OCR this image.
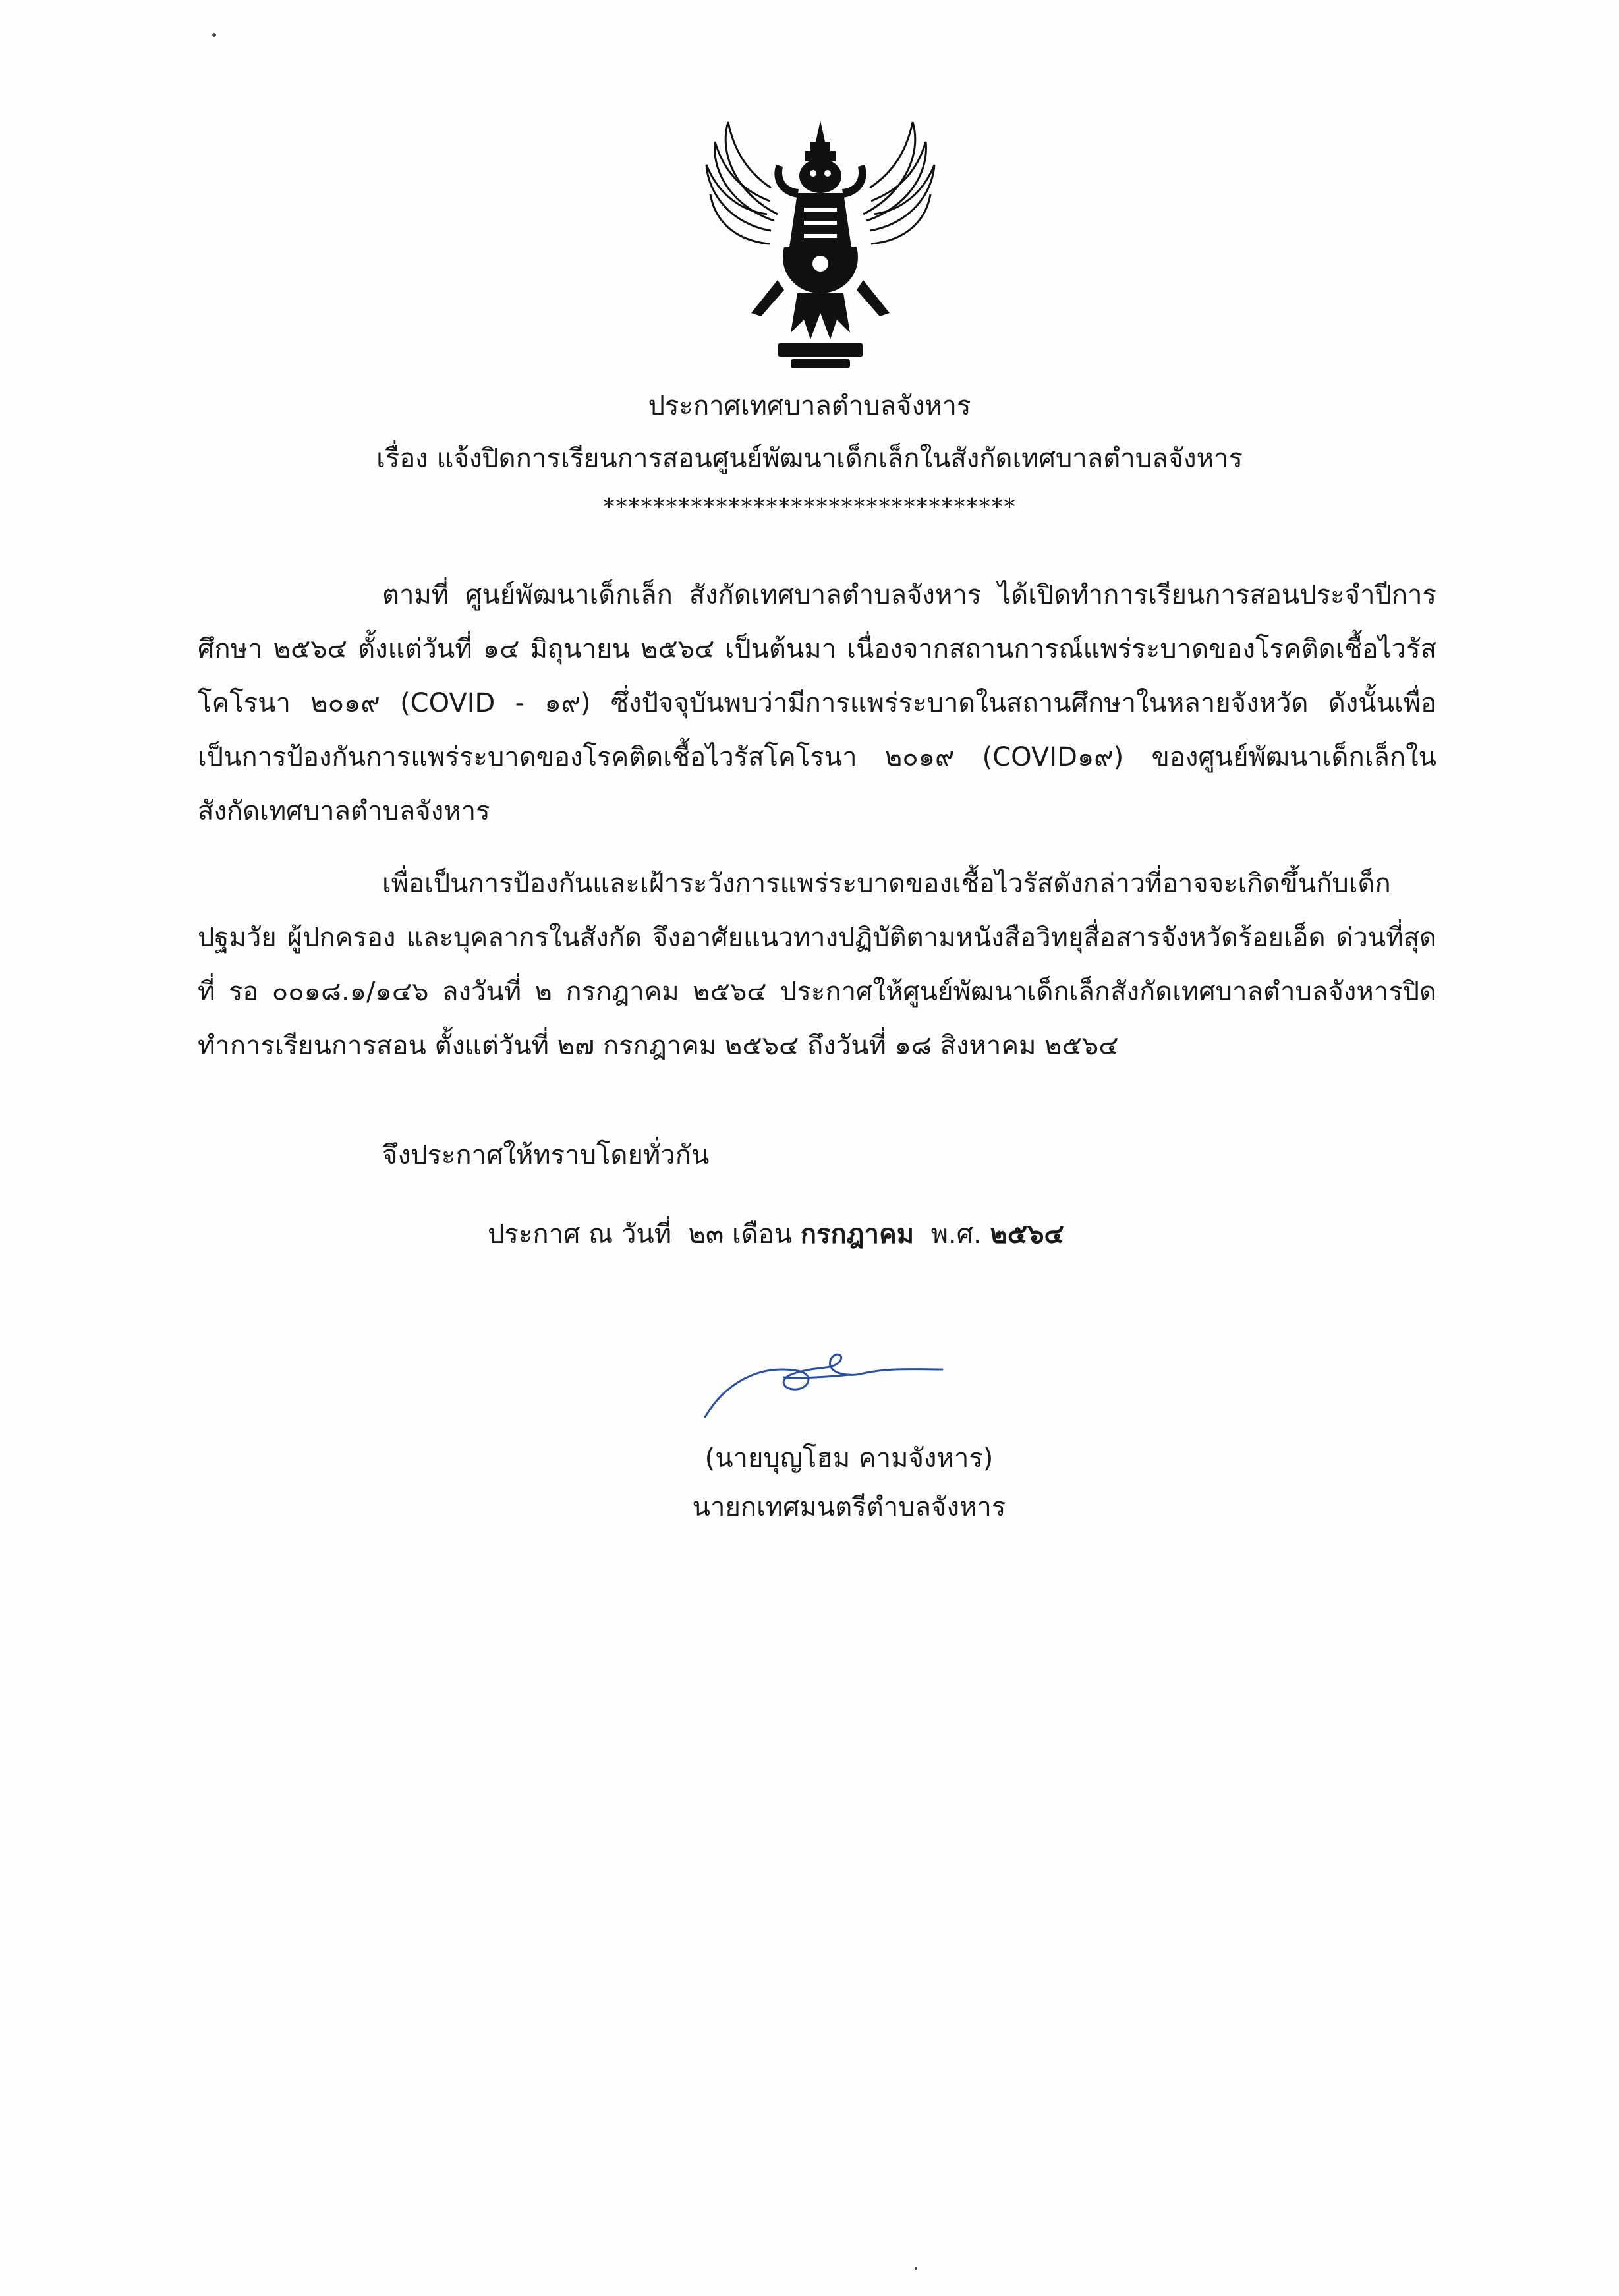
ประกาศเทศบาลตำบลจังหาร
เรื่อง แจ้งปิดการเรียนการสอนศูนย์พัฒนาเด็กเล็กในสังกัดเทศบาลตำบลจังหาร
*********************************
ตามที่ ศูนย์พัฒนาเด็กเล็ก สังกัดเทศบาลตำบลจังหาร ได้เปิดทำการเรียนการสอนประจำปีการศึกษา ๒๕๖๔ ตั้งแต่วันที่ ๑๔ มิถุนายน ๒๕๖๔ เป็นต้นมา เนื่องจากสถานการณ์แพร่ระบาดของโรคติดเชื้อไวรัสโคโรนา ๒๐๑๙ (COVID - ๑๙) ซึ่งปัจจุบันพบว่ามีการแพร่ระบาดในสถานศึกษาในหลายจังหวัด ดังนั้นเพื่อเป็นการป้องกันการแพร่ระบาดของโรคติดเชื้อไวรัสโคโรนา ๒๐๑๙ (COVID๑๙) ของศูนย์พัฒนาเด็กเล็กในสังกัดเทศบาลตำบลจังหาร
เพื่อเป็นการป้องกันและเฝ้าระวังการแพร่ระบาดของเชื้อไวรัสดังกล่าวที่อาจจะเกิดขึ้นกับเด็กปฐมวัย ผู้ปกครอง และบุคลากรในสังกัด จึงอาศัยแนวทางปฏิบัติตามหนังสือวิทยุสื่อสารจังหวัดร้อยเอ็ด ด่วนที่สุดที่ รอ ๐๐๑๘.๑/๑๔๖ ลงวันที่ ๒ กรกฎาคม ๒๕๖๔ ประกาศให้ศูนย์พัฒนาเด็กเล็กสังกัดเทศบาลตำบลจังหารปิดทำการเรียนการสอน ตั้งแต่วันที่ ๒๗ กรกฎาคม ๒๕๖๔ ถึงวันที่ ๑๘ สิงหาคม ๒๕๖๔
จึงประกาศให้ทราบโดยทั่วกัน
ประกาศ ณ วันที่ ๒๓ เดือน กรกฎาคม พ.ศ. ๒๕๖๔
(นายบุญโฮม คามจังหาร)
นายกเทศมนตรีตำบลจังหาร
